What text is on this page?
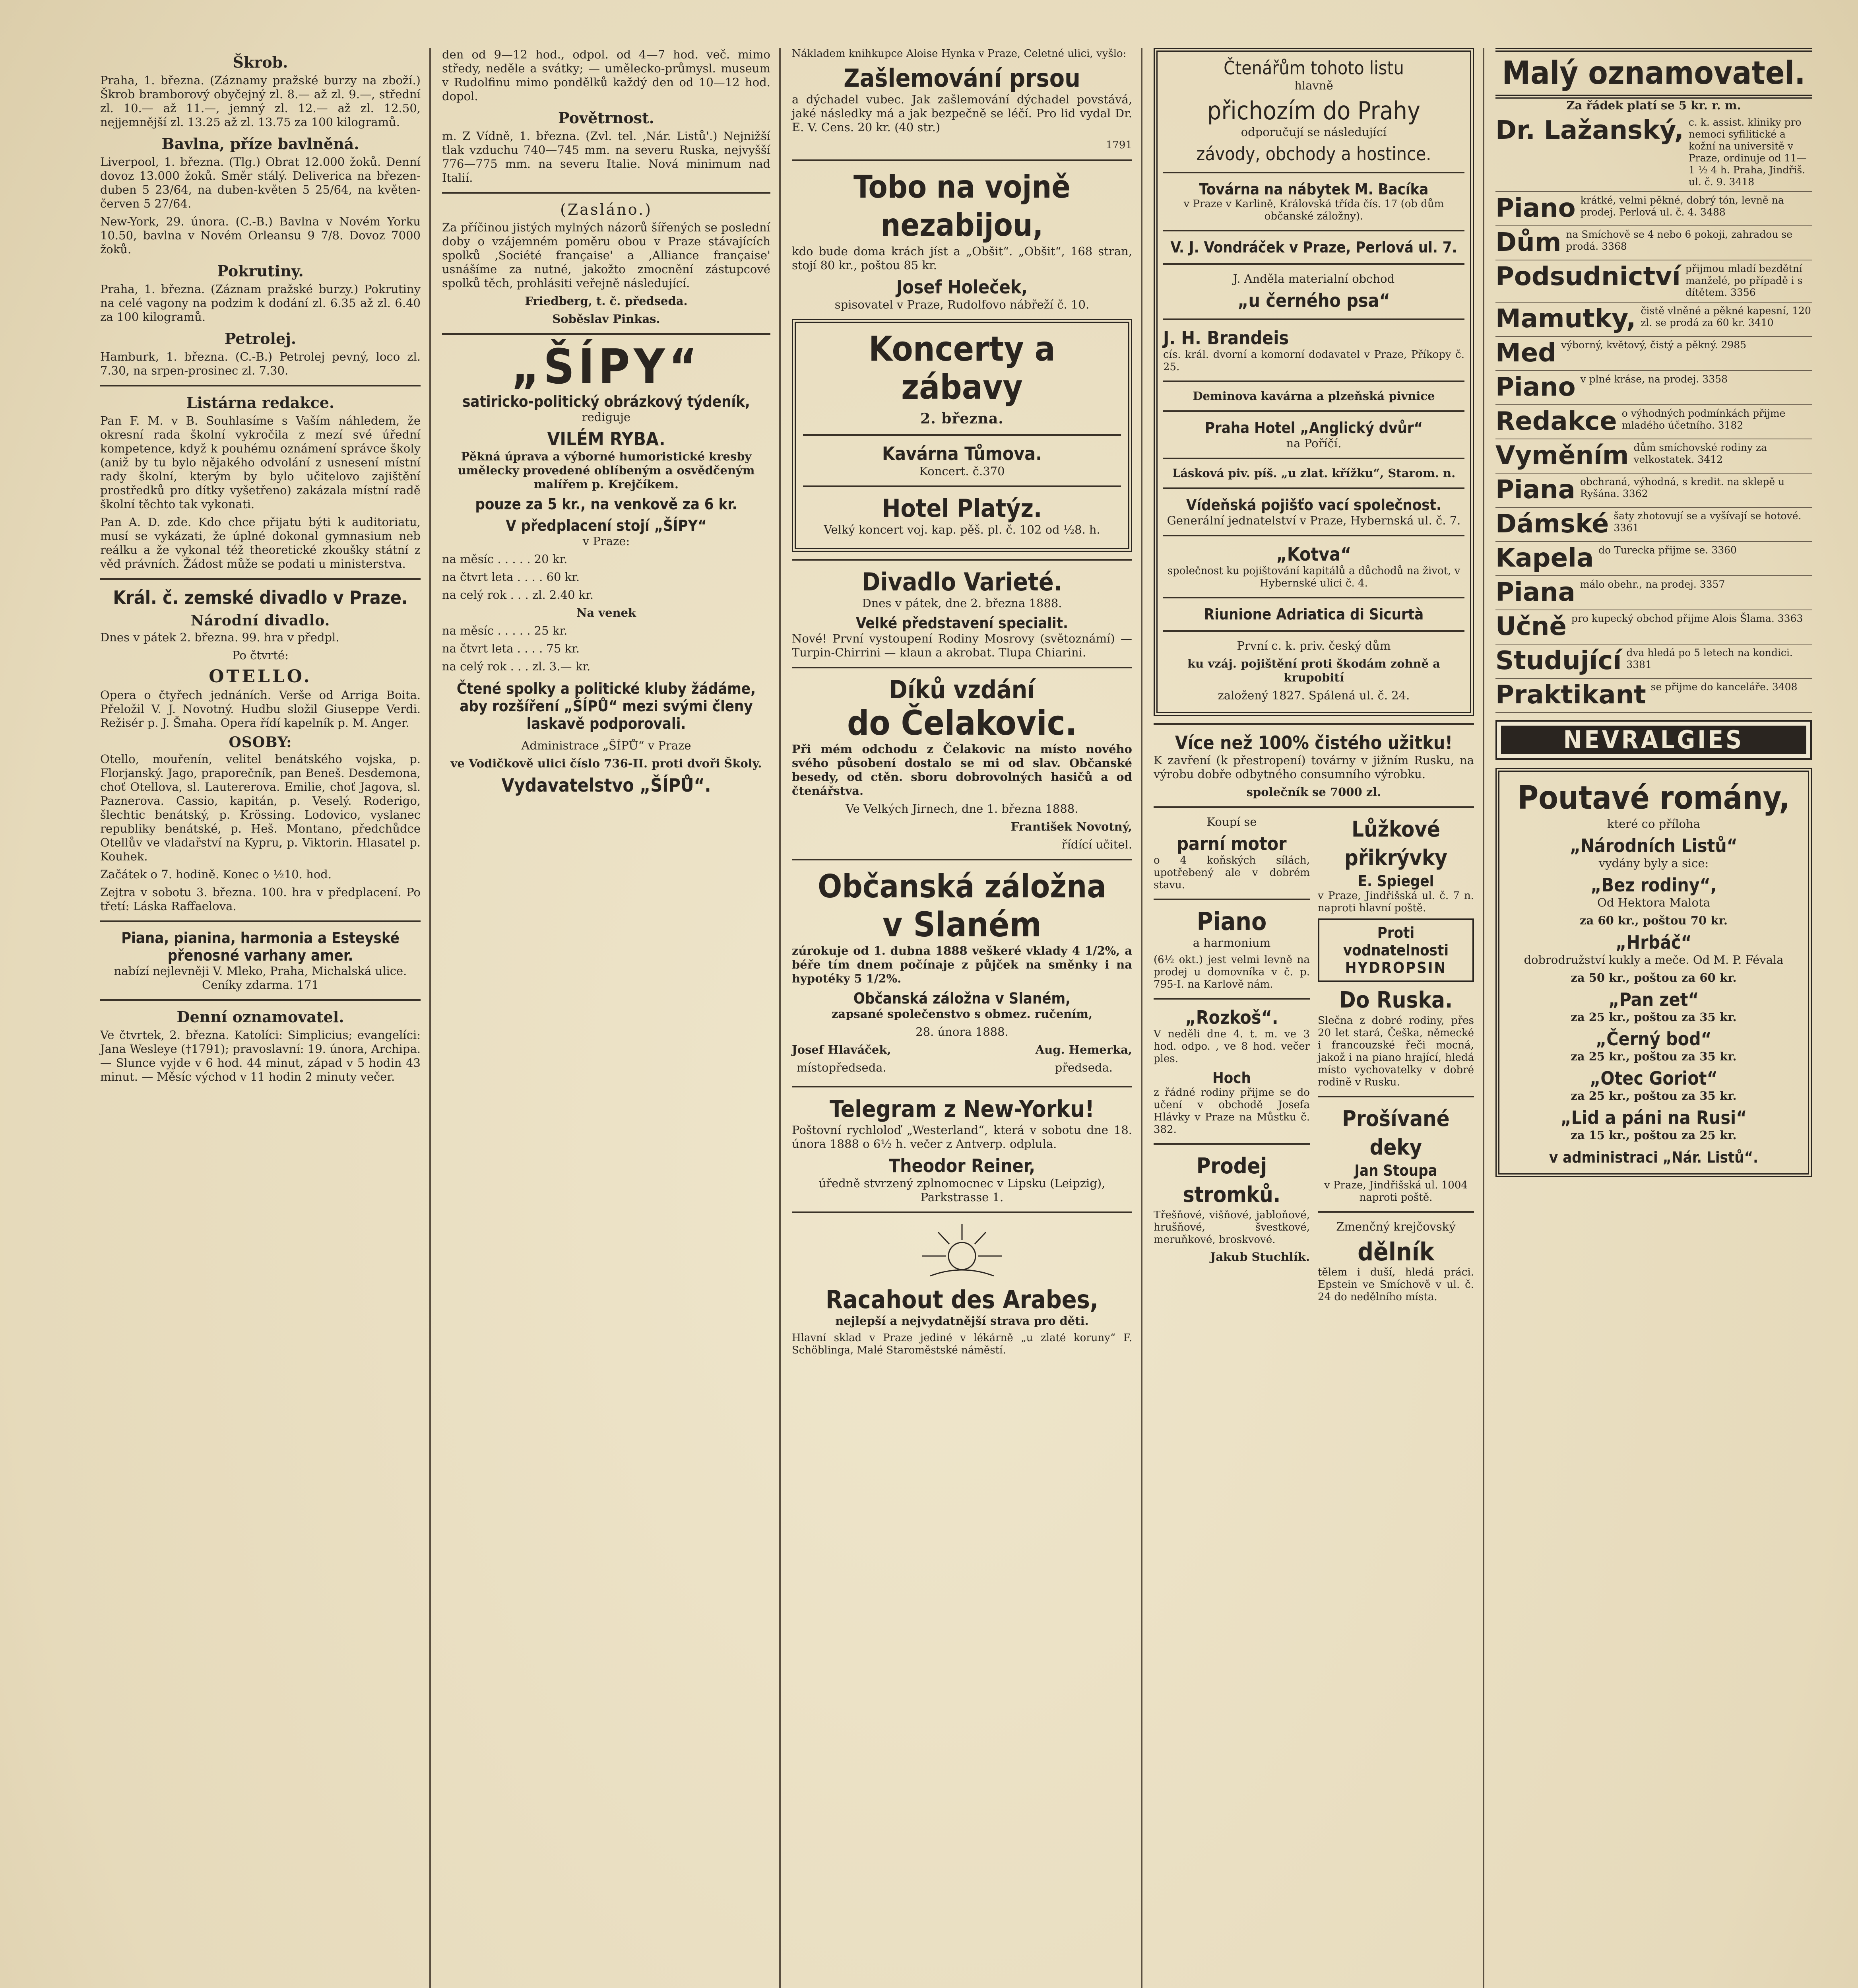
Škrob.

Praha, 1. března. (Záznamy pražské burzy na zboží.) Škrob bramborový obyčejný zl. 8.— až zl. 9.—, střední zl. 10.— až 11.—, jemný zl. 12.— až zl. 12.50, nejjemnější zl. 13.25 až zl. 13.75 za 100 kilogramů.

Bavlna, příze bavlněná.

Liverpool, 1. března. (Tlg.) Obrat 12.000 žoků. Denní dovoz 13.000 žoků. Směr stálý. Deliverica na březen-duben 5 23/64, na duben-květen 5 25/64, na květen-červen 5 27/64.

New-York, 29. února. (C.-B.) Bavlna v Novém Yorku 10.50, bavlna v Novém Orleansu 9 7/8. Dovoz 7000 žoků.

Pokrutiny.

Praha, 1. března. (Záznam pražské burzy.) Pokrutiny na celé vagony na podzim k dodání zl. 6.35 až zl. 6.40 za 100 kilogramů.

Petrolej.

Hamburk, 1. března. (C.-B.) Petrolej pevný, loco zl. 7.30, na srpen-prosinec zl. 7.30.

Listárna redakce.

Pan F. M. v B. Souhlasíme s Vaším náhledem, že okresní rada školní vykročila z mezí své úřední kompetence, když k pouhému oznámení správce školy (aniž by tu bylo nějakého odvolání z usnesení místní rady školní, kterým by bylo učitelovo zajištění prostředků pro dítky vyšetřeno) zakázala místní radě školní těchto tak vykonati.

Pan A. D. zde. Kdo chce přijatu býti k auditoriatu, musí se vykázati, že úplné dokonal gymnasium neb reálku a že vykonal též theoretické zkoušky státní z věd právních. Žádost může se podati u ministerstva.

Král. č. zemské divadlo v Praze.
Národní divadlo.

Dnes v pátek 2. března. 99. hra v předpl.

Po čtvrté:

OTELLO.

Opera o čtyřech jednáních. Verše od Arriga Boita. Přeložil V. J. Novotný. Hudbu složil Giuseppe Verdi. Režisér p. J. Šmaha. Opera řídí kapelník p. M. Anger.

OSOBY:

Otello, mouřenín, velitel benátského vojska, p. Florjanský. Jago, praporečník, pan Beneš. Desdemona, choť Otellova, sl. Lautererova. Emilie, choť Jagova, sl. Paznerova. Cassio, kapitán, p. Veselý. Roderigo, šlechtic benátský, p. Krössing. Lodovico, vyslanec republiky benátské, p. Heš. Montano, předchůdce Otellův ve vladařství na Kypru, p. Viktorin. Hlasatel p. Kouhek.

Začátek o 7. hodině. Konec o ½10. hod.

Zejtra v sobotu 3. března. 100. hra v předplacení. Po třetí: Láska Raffaelova.

Piana, pianina, harmonia a Esteyské přenosné varhany amer.

nabízí nejlevněji V. Mleko, Praha, Michalská ulice. Ceníky zdarma. 171

Denní oznamovatel.

Ve čtvrtek, 2. března. Katolíci: Simplicius; evangelíci: Jana Wesleye (†1791); pravoslavní: 19. února, Archipa. — Slunce vyjde v 6 hod. 44 minut, západ v 5 hodin 43 minut. — Měsíc východ v 11 hodin 2 minuty večer.

den od 9—12 hod., odpol. od 4—7 hod. več. mimo středy, neděle a svátky; — umělecko-průmysl. museum v Rudolfinu mimo pondělků každý den od 10—12 hod. dopol.

Povětrnost.

m. Z Vídně, 1. března. (Zvl. tel. ‚Nár. Listů'.) Nejnižší tlak vzduchu 740—745 mm. na severu Ruska, nejvyšší 776—775 mm. na severu Italie. Nová minimum nad Italií.

(Zasláno.)

Za příčinou jistých mylných názorů šířených se poslední doby o vzájemném poměru obou v Praze stávajících spolků ‚Société française' a ‚Alliance française' usnášíme za nutné, jakožto zmocnění zástupcové spolků těch, prohlásiti veřejně následující.

Friedberg, t. č. předseda.

Soběslav Pinkas.

„ŠÍPY“
satiricko-politický obrázkový týdeník,

rediguje

VILÉM RYBA.

Pěkná úprava a výborné humoristické kresby umělecky provedené oblíbeným a osvědčeným malířem p. Krejčíkem.

pouze za 5 kr., na venkově za 6 kr.
V předplacení stojí „ŠÍPY“

v Praze:

na měsíc . . . . . 20 kr.

na čtvrt leta . . . . 60 kr.

na celý rok . . . zl. 2.40 kr.

Na venek

na měsíc . . . . . 25 kr.

na čtvrt leta . . . . 75 kr.

na celý rok . . . zl. 3.— kr.

Čtené spolky a politické kluby žádáme, aby rozšíření „ŠÍPŮ“ mezi svými členy laskavě podporovali.

Administrace „ŠÍPŮ“ v Praze

ve Vodičkově ulici číslo 736-II. proti dvoři Školy.

Vydavatelstvo „ŠÍPŮ“.

Nákladem knihkupce Aloise Hynka v Praze, Celetné ulici, vyšlo:

Zašlemování prsou

a dýchadel vubec. Jak zašlemování dýchadel povstává, jaké následky má a jak bezpečně se léčí. Pro lid vydal Dr. E. V. Cens. 20 kr. (40 str.)

1791

Tobo na vojně nezabijou,

kdo bude doma krách jíst a „Obšit“. „Obšit“, 168 stran, stojí 80 kr., poštou 85 kr.

Josef Holeček,

spisovatel v Praze, Rudolfovo nábřeží č. 10.

Koncerty a zábavy
2. března.
Kavárna Tůmova.

Koncert. č.370

Hotel Platýz.

Velký koncert voj. kap. pěš. pl. č. 102 od ½8. h.

Divadlo Varieté.

Dnes v pátek, dne 2. března 1888.

Velké představení specialit.

Nové! První vystoupení Rodiny Mosrovy (světoznámí) — Turpin-Chirrini — klaun a akrobat. Tlupa Chiarini.

Díků vzdání
do Čelakovic.

Při mém odchodu z Čelakovic na místo nového svého působení dostalo se mi od slav. Občanské besedy, od ctěn. sboru dobrovolných hasičů a od čtenářstva.

Ve Velkých Jirnech, dne 1. března 1888.

František Novotný,

řídící učitel.

Občanská záložna
v Slaném

zúrokuje od 1. dubna 1888 veškeré vklady 4 1/2%, a béře tím dnem počínaje z půjček na směnky i na hypotéky 5 1/2%.

Občanská záložna v Slaném,

zapsané společenstvo s obmez. ručením,

28. února 1888.

Josef Hlaváček,

místopředseda.

Aug. Hemerka,

předseda.

Telegram z New-Yorku!

Poštovní rychloloď „Westerland“, která v sobotu dne 18. února 1888 o 6½ h. večer z Antverp. odplula.

Theodor Reiner,

úředně stvrzený zplnomocnec v Lipsku (Leipzig), Parkstrasse 1.

Racahout des Arabes,

nejlepší a nejvydatnější strava pro děti.

Hlavní sklad v Praze jediné v lékárně „u zlaté koruny“ F. Schöblinga, Malé Staroměstské náměstí.

Čtenářům tohoto listu

hlavně

přichozím do Prahy

odporučují se následující

závody, obchody a hostince.
Továrna na nábytek M. Bacíka

v Praze v Karlině, Královská třída čís. 17 (ob dům občanské záložny).

V. J. Vondráček v Praze, Perlová ul. 7.

J. Anděla materialní obchod

„u černého psa“
J. H. Brandeis

cís. král. dvorní a komorní dodavatel v Praze, Příkopy č. 25.

Deminova kavárna a plzeňská pivnice

Praha Hotel „Anglický dvůr“

na Poříčí.

Lásková piv. píš. „u zlat. křížku“, Starom. n.

Vídeňská pojišťo vací společnost.

Generální jednatelství v Praze, Hybernská ul. č. 7.

„Kotva“

společnost ku pojištování kapitálů a důchodů na život, v Hybernské ulici č. 4.

Riunione Adriatica di Sicurtà

První c. k. priv. český dům

ku vzáj. pojištění proti škodám zohně a krupobití

založený 1827. Spálená ul. č. 24.

Více než 100% čistého užitku!

K zavření (k přestropení) továrny v jižním Rusku, na výrobu dobře odbytného consumního výrobku.

společník se 7000 zl.

Koupí se

parní motor

o 4 koňských sílách, upotřebený ale v dobrém stavu.

Piano

a harmonium

(6½ okt.) jest velmi levně na prodej u domovníka v č. p. 795-I. na Karlově nám.

„Rozkoš“.

V neděli dne 4. t. m. ve 3 hod. odpo. , ve 8 hod. večer ples.

Hoch

z řádné rodiny přijme se do učení v obchodě Josefa Hlávky v Praze na Můstku č. 382.

Prodej stromků.

Třešňové, višňové, jabloňové, hrušňové, švestkové, meruňkové, broskvové.

Jakub Stuchlík.

Lůžkové přikrývky
E. Spiegel

v Praze, Jindřišská ul. č. 7 n. naproti hlavní poště.

Proti vodnatelnosti
HYDROPSIN
Do Ruska.

Slečna z dobré rodiny, přes 20 let stará, Češka, německé i francouzské řeči mocná, jakož i na piano hrající, hledá místo vychovatelky v dobré rodině v Rusku.

Prošívané deky
Jan Stoupa

v Praze, Jindřišská ul. 1004 naproti poště.

Zmenčný krejčovský

dělník

tělem i duší, hledá práci. Epstein ve Smíchově v ul. č. 24 do nedělního místa.

Malý oznamovatel.

Za řádek platí se 5 kr. r. m.

Dr. Lažanský, c. k. assist. kliniky pro nemoci syfilitické a kožní na universitě v Praze, ordinuje od 11—1 ½ 4 h. Praha, Jindřiš. ul. č. 9. 3418
Piano krátké, velmi pěkné, dobrý tón, levně na prodej. Perlová ul. č. 4. 3488
Dům na Smíchově se 4 nebo 6 pokoji, zahradou se prodá. 3368
Podsudnictví přijmou mladí bezdětní manželé, po případě i s dítětem. 3356
Mamutky, čistě vlněné a pěkné kapesní, 120 zl. se prodá za 60 kr. 3410
Med výborný, květový, čistý a pěkný. 2985
Piano v plné kráse, na prodej. 3358
Redakce o výhodných podmínkách přijme mladého účetního. 3182
Vyměním dům smíchovské rodiny za velkostatek. 3412
Piana obchraná, výhodná, s kredit. na sklepě u Ryšána. 3362
Dámské šaty zhotovují se a vyšívají se hotové. 3361
Kapela do Turecka přijme se. 3360
Piana málo obehr., na prodej. 3357
Učně pro kupecký obchod přijme Alois Šlama. 3363
Studující dva hledá po 5 letech na kondici. 3381
Praktikant se přijme do kanceláře. 3408
NEVRALGIES
Poutavé romány,

které co příloha

„Národních Listů“

vydány byly a sice:

„Bez rodiny“,

Od Hektora Malota

za 60 kr., poštou 70 kr.

„Hrbáč“

dobrodružství kukly a meče. Od M. P. Févala

za 50 kr., poštou za 60 kr.

„Pan zet“

za 25 kr., poštou za 35 kr.

„Černý bod“

za 25 kr., poštou za 35 kr.

„Otec Goriot“

za 25 kr., poštou za 35 kr.

„Lid a páni na Rusi“

za 15 kr., poštou za 25 kr.

v administraci „Nár. Listů“.
